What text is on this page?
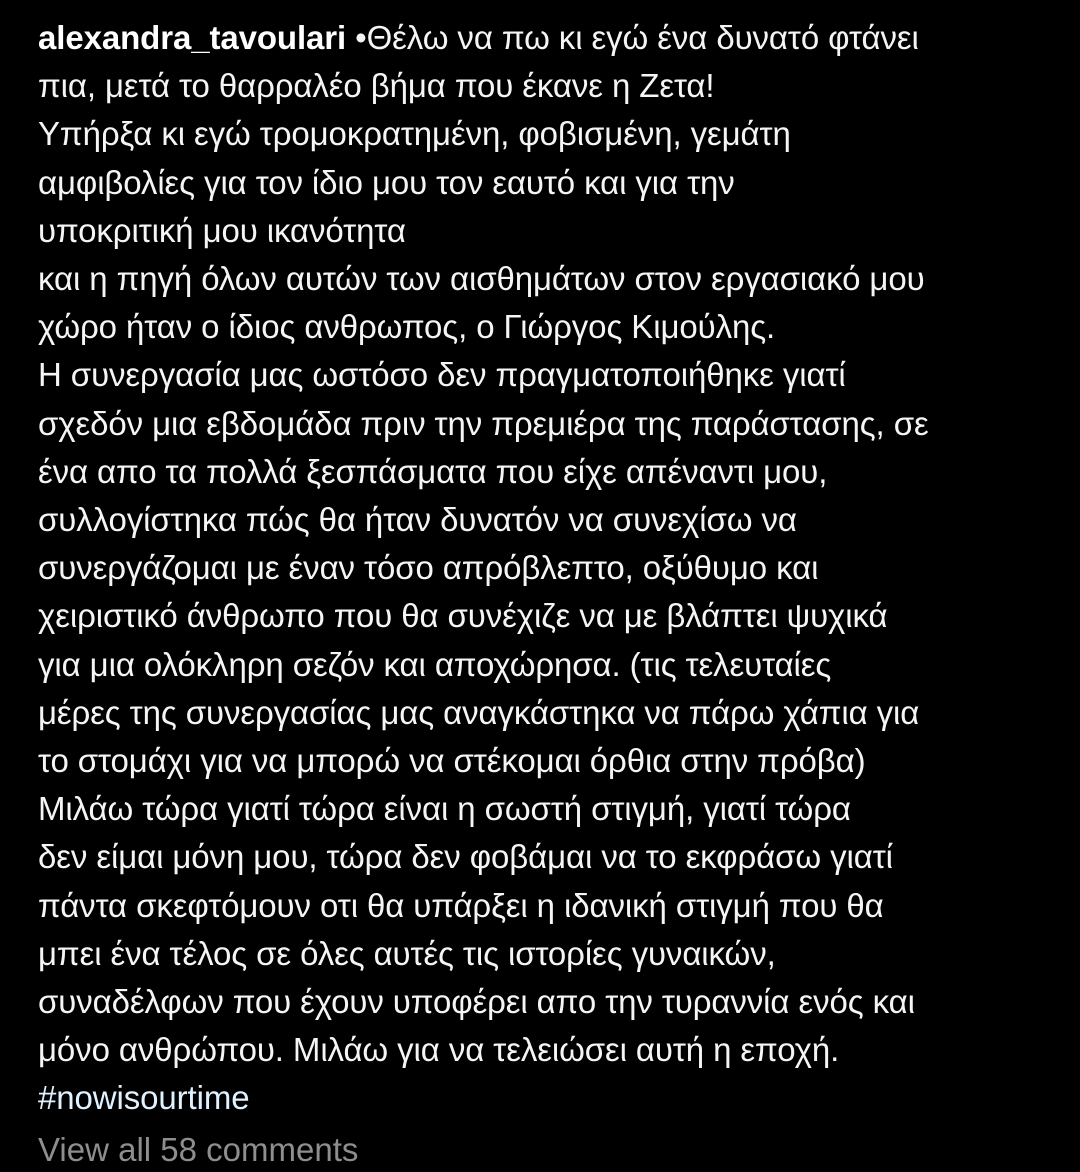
alexandra_tavoulari •Θέλω να πω κι εγώ ένα δυνατό φτάνει
πια, μετά το θαρραλέο βήμα που έκανε η Ζετα!
Υπήρξα κι εγώ τρομοκρατημένη, φοβισμένη, γεμάτη
αμφιβολίες για τον ίδιο μου τον εαυτό και για την
υποκριτική μου ικανότητα
και η πηγή όλων αυτών των αισθημάτων στον εργασιακό μου
χώρο ήταν ο ίδιος ανθρωπος, ο Γιώργος Κιμούλης.
Η συνεργασία μας ωστόσο δεν πραγματοποιήθηκε γιατί
σχεδόν μια εβδομάδα πριν την πρεμιέρα της παράστασης, σε
ένα απο τα πολλά ξεσπάσματα που είχε απέναντι μου,
συλλογίστηκα πώς θα ήταν δυνατόν να συνεχίσω να
συνεργάζομαι με έναν τόσο απρόβλεπτο, οξύθυμο και
χειριστικό άνθρωπο που θα συνέχιζε να με βλάπτει ψυχικά
για μια ολόκληρη σεζόν και αποχώρησα. (τις τελευταίες
μέρες της συνεργασίας μας αναγκάστηκα να πάρω χάπια για
το στομάχι για να μπορώ να στέκομαι όρθια στην πρόβα)
Μιλάω τώρα γιατί τώρα είναι η σωστή στιγμή, γιατί τώρα
δεν είμαι μόνη μου, τώρα δεν φοβάμαι να το εκφράσω γιατί
πάντα σκεφτόμουν οτι θα υπάρξει η ιδανική στιγμή που θα
μπει ένα τέλος σε όλες αυτές τις ιστορίες γυναικών,
συναδέλφων που έχουν υποφέρει απο την τυραννία ενός και
μόνο ανθρώπου. Μιλάω για να τελειώσει αυτή η εποχή.
#nowisourtime
View all 58 comments
